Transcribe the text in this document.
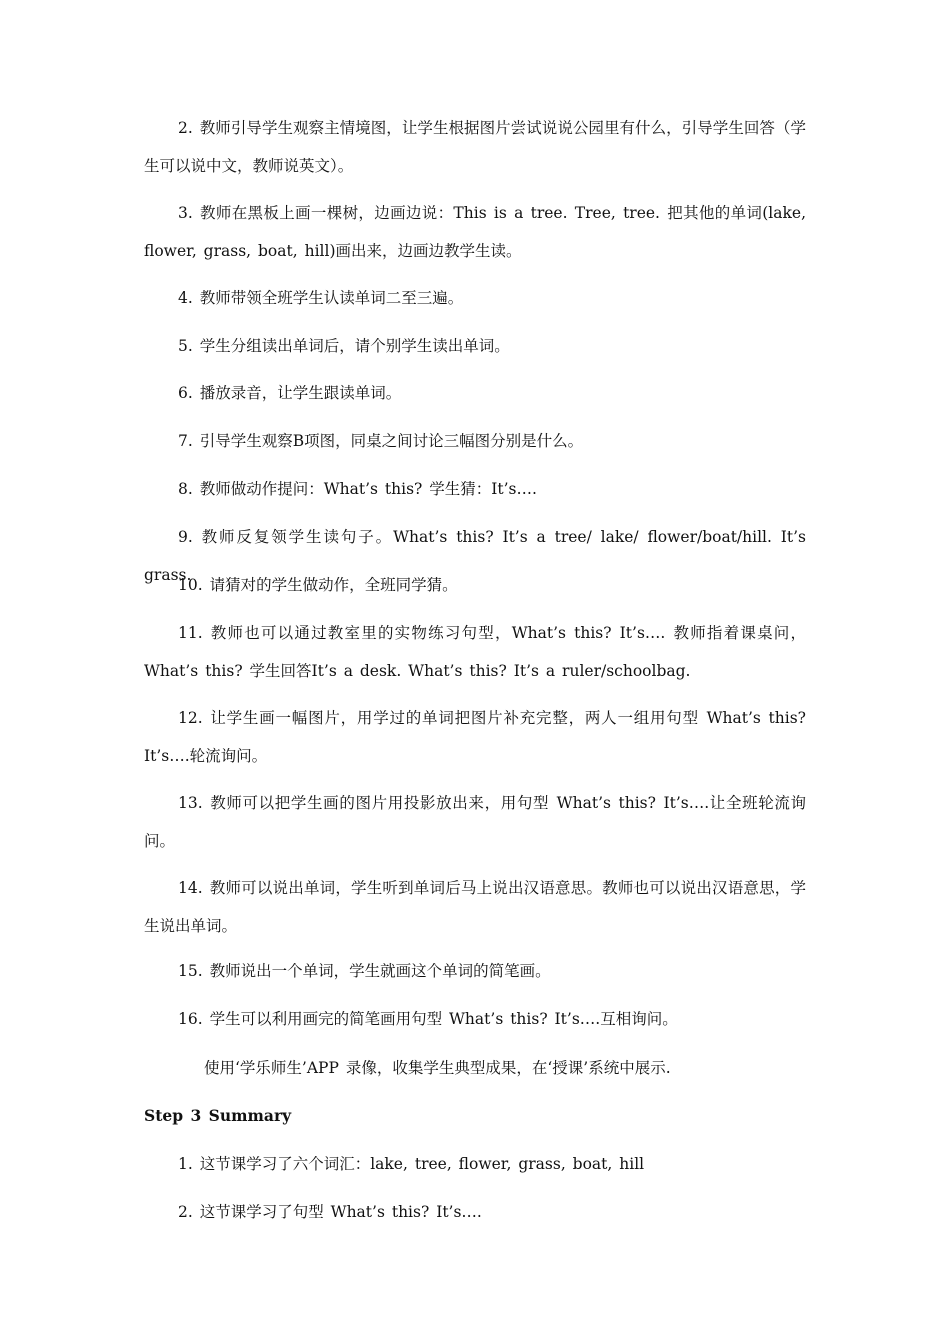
2. 教师引导学生观察主情境图，让学生根据图片尝试说说公园里有什么，引导学生回答（学生可以说中文，教师说英文）。

3. 教师在黑板上画一棵树，边画边说：This is a tree. Tree, tree. 把其他的单词(lake, flower, grass, boat, hill)画出来，边画边教学生读。

4. 教师带领全班学生认读单词二至三遍。

5. 学生分组读出单词后，请个别学生读出单词。

6. 播放录音，让学生跟读单词。

7. 引导学生观察B项图，同桌之间讨论三幅图分别是什么。

8. 教师做动作提问：What’s this? 学生猜：It’s….

9. 教师反复领学生读句子。What’s this? It’s a tree/ lake/ flower/boat/hill. It’s grass.

10. 请猜对的学生做动作，全班同学猜。

11. 教师也可以通过教室里的实物练习句型，What’s this? It’s…. 教师指着课桌问，What’s this? 学生回答It’s a desk. What’s this? It’s a ruler/schoolbag.

12. 让学生画一幅图片，用学过的单词把图片补充完整，两人一组用句型 What’s this? It’s….轮流询问。

13. 教师可以把学生画的图片用投影放出来，用句型 What’s this? It’s….让全班轮流询问。

14. 教师可以说出单词，学生听到单词后马上说出汉语意思。教师也可以说出汉语意思，学生说出单词。

15. 教师说出一个单词，学生就画这个单词的简笔画。

16. 学生可以利用画完的简笔画用句型 What’s this? It’s….互相询问。

使用‘学乐师生’APP 录像，收集学生典型成果，在‘授课’系统中展示.

Step 3 Summary

1. 这节课学习了六个词汇：lake, tree, flower, grass, boat, hill

2. 这节课学习了句型 What’s this? It’s….
